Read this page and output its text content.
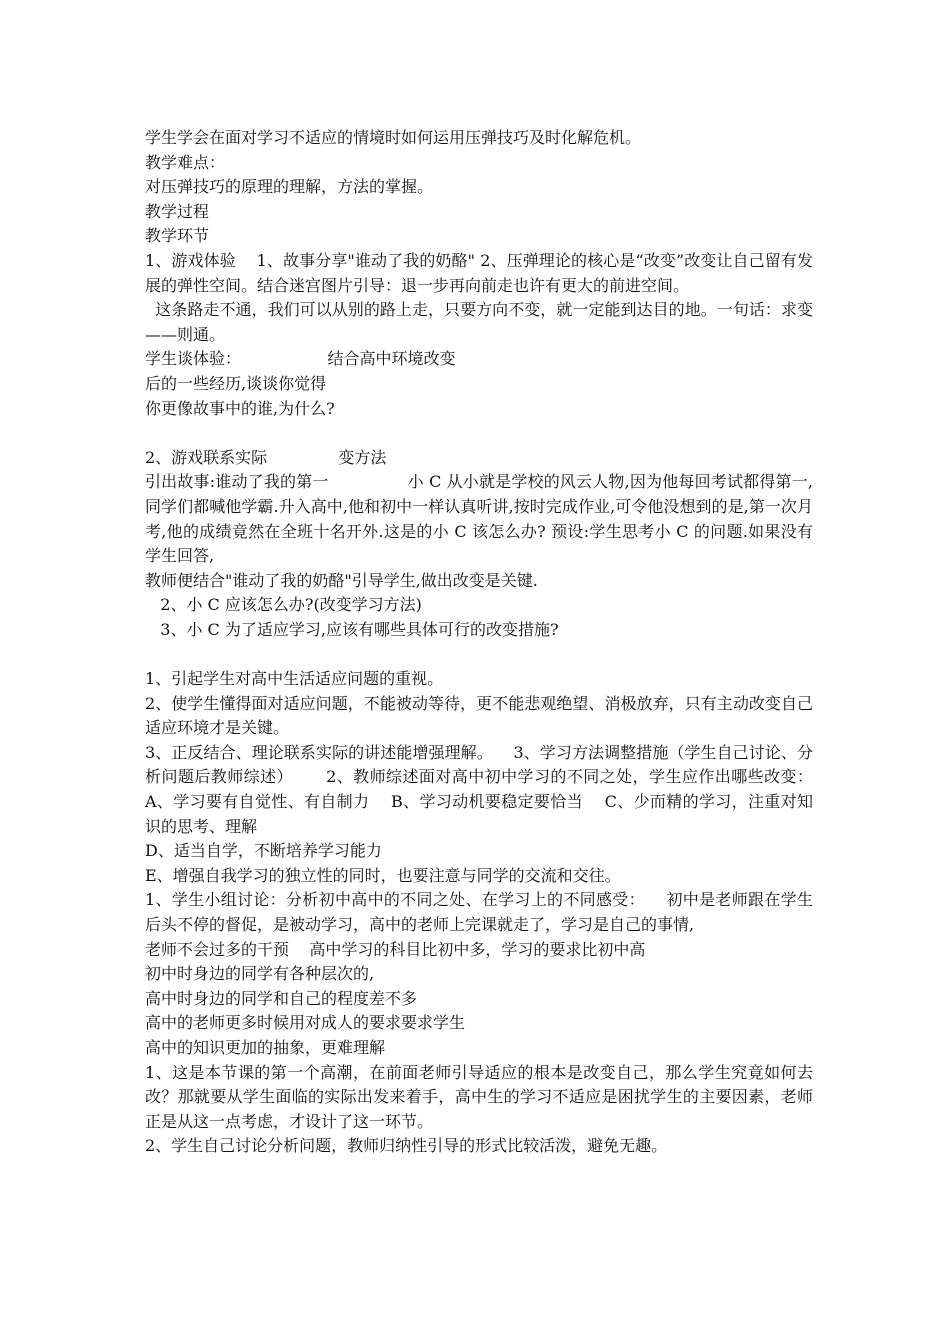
学生学会在面对学习不适应的情境时如何运用压弹技巧及时化解危机。

教学难点：

对压弹技巧的原理的理解，方法的掌握。

教学过程

教学环节

1、游戏体验    1、故事分享"谁动了我的奶酪" 2、压弹理论的核心是“改变”改变让自己留有发展的弹性空间。结合迷宫图片引导：退一步再向前走也许有更大的前进空间。

这条路走不通，我们可以从别的路上走，只要方向不变，就一定能到达目的地。一句话：求变——则通。

学生谈体验：                 结合高中环境改变

后的一些经历,谈谈你觉得

你更像故事中的谁,为什么?

2、游戏联系实际              变方法

引出故事:谁动了我的第一               小 C 从小就是学校的风云人物,因为他每回考试都得第一,同学们都喊他学霸.升入高中,他和初中一样认真听讲,按时完成作业,可令他没想到的是,第一次月考,他的成绩竟然在全班十名开外.这是的小 C 该怎么办? 预设:学生思考小 C 的问题.如果没有学生回答,

教师便结合"谁动了我的奶酪"引导学生,做出改变是关键.

2、小 C 应该怎么办?(改变学习方法)

3、小 C 为了适应学习,应该有哪些具体可行的改变措施?

1、引起学生对高中生活适应问题的重视。

2、使学生懂得面对适应问题，不能被动等待，更不能悲观绝望、消极放弃，只有主动改变自己适应环境才是关键。

3、正反结合、理论联系实际的讲述能增强理解。    3、学习方法调整措施（学生自己讨论、分析问题后教师综述）      2、教师综述面对高中初中学习的不同之处，学生应作出哪些改变：    A、学习要有自觉性、有自制力    B、学习动机要稳定要恰当    C、少而精的学习，注重对知识的思考、理解

D、适当自学，不断培养学习能力

E、增强自我学习的独立性的同时，也要注意与同学的交流和交往。

1、学生小组讨论：分析初中高中的不同之处、在学习上的不同感受：    初中是老师跟在学生后头不停的督促，是被动学习，高中的老师上完课就走了，学习是自己的事情,

老师不会过多的干预    高中学习的科目比初中多，学习的要求比初中高

初中时身边的同学有各种层次的,

高中时身边的同学和自己的程度差不多

高中的老师更多时候用对成人的要求要求学生

高中的知识更加的抽象，更难理解

1、这是本节课的第一个高潮，在前面老师引导适应的根本是改变自己，那么学生究竟如何去改？那就要从学生面临的实际出发来着手，高中生的学习不适应是困扰学生的主要因素，老师正是从这一点考虑，才设计了这一环节。

2、学生自己讨论分析问题，教师归纳性引导的形式比较活泼，避免无趣。
